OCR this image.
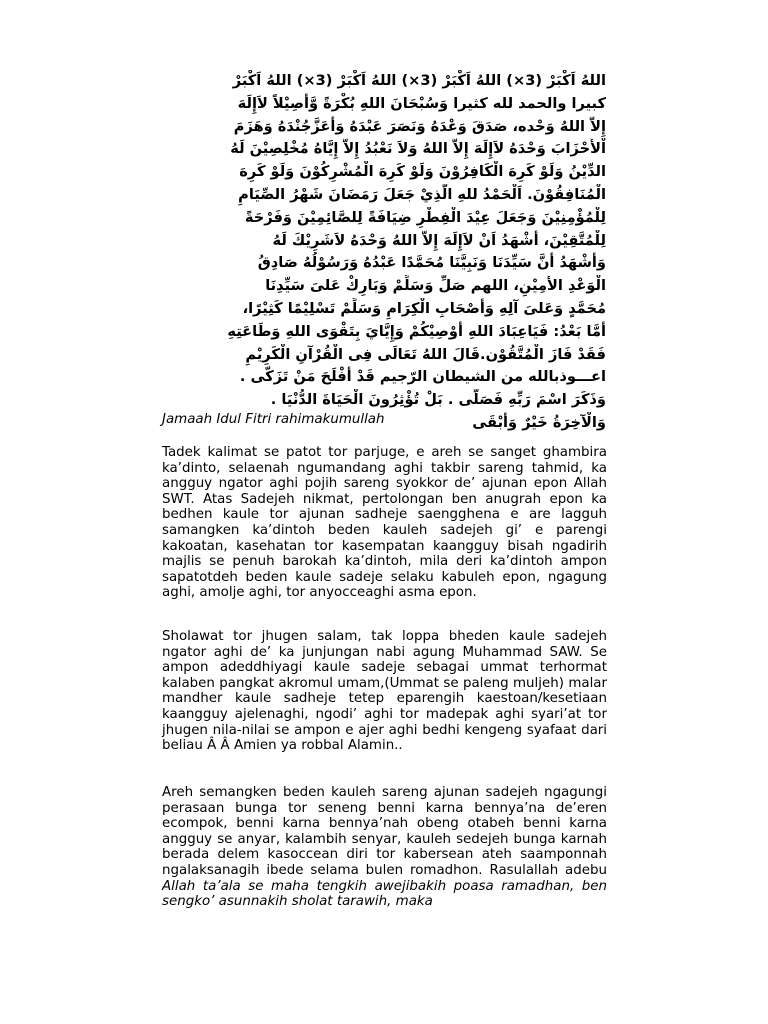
اللهُ اَكْبَرْ (3×) اللهُ اَكْبَرْ (3×) اللهُ اَكْبَرْ (3×) اللهُ اَكْبَرْ
كبيرا والحمد لله كثيرا وَسُبْحَانَ اللهِ بُكْرَةً وَّأَصِيْلاً لاَإِلَهَ
إِلاَّ اللهُ وَحْده، صَدَقَ وَعْدَهُ وَنَصَرَ عَبْدَهُ وَأَعَزَّجُنْدَهُ وَهَزَمَ
اْلأَحْزَابَ وَحْدَهُ لاَإِلَهَ إِلاَّ اللهُ وَلاَ نَعْبُدُ إِلاَّ إِيَّاهُ مُخْلِصِيْنَ لَهُ
الدِّيْنُ وَلَوْ كَرِهَ الْكَافِرُوْنَ وَلَوْ كَرِهَ الْمُشْرِكُوْنَ وَلَوْ كَرِهَ
الْمُنَافِقُوْنَ. اَلْحَمْدُ للهِ الَّذِيْ جَعَلَ رَمَضَانَ شَهْرُ الصِّيَامِ
لِلْمُؤْمِنِيْنَ وَجَعَلَ عِيْدَ الْفِطْرِ ضِيَافَةً لِلصَّائِمِيْنَ وَفَرْحَةً
لِلْمُتَّقِيْنَ، أَشْهَدُ اَنْ لاَإِلَهَ إِلاَّ اللهُ وَحْدَهُ لاَشَرِيْكَ لَهُ
وَأَشْهَدُ أَنَّ سَيِّدَنَا وَنَبِيَّنَا مُحَمَّدًا عَبْدُهُ وَرَسُوْلُهُ صَادِقُ
الْوَعْدِ الأَمِيْنِ، اللهم صَلِّ وَسَلِّمْ وَبَارِكْ عَلىَ سَيِّدِنَا
مُحَمَّدٍ وَعَلىَ آلِهِ وَأَصْحَابِ الْكِرَامِ وَسَلِّمْ تَسْلِيْمًا كَثِيْرًا،
أَمَّا بَعْدُ: فَيَاعِبَادَ اللهِ أُوْصِيْكُمْ وَإِيَّايَ بِتَقْوَى اللهِ وَطَاعَتِهِ
فَقَدْ فَازَ الْمُتَّقُوْن.قَالَ اللهُ تَعَالَى فِى الْقُرْآنِ الْكَرِيْمِ
اعـــوذبالله من الشيطان الرّجيم قَدْ أَفْلَحَ مَنْ تَزَكَّى .
وَذَكَرَ اسْمَ رَبِّهِ فَصَلَّى . بَلْ تُؤْثِرُونَ الْحَيَاةَ الدُّنْيَا .
وَالْآخِرَةُ خَيْرٌ وَأَبْقَى

Jamaah Idul Fitri rahimakumullah

Tadek kalimat se patot tor parjuge, e areh se sanget ghambira ka’dinto, selaenah ngumandang aghi takbir sareng tahmid, ka angguy ngator aghi pojih sareng syokkor de’ ajunan epon Allah SWT. Atas Sadejeh nikmat, pertolongan ben anugrah epon ka bedhen kaule tor ajunan sadheje saengghena e are lagguh samangken ka’dintoh beden kauleh sadejeh gi’ e parengi kakoatan, kasehatan tor kasempatan kaangguy bisah ngadirih majlis se penuh barokah ka’dintoh, mila deri ka’dintoh ampon sapatotdeh beden kaule sadeje selaku kabuleh epon, ngagung aghi, amolje aghi, tor anyocceaghi asma epon.

Sholawat tor jhugen salam, tak loppa bheden kaule sadejeh ngator aghi de’ ka junjungan nabi agung Muhammad SAW. Se ampon adeddhiyagi kaule sadeje sebagai ummat terhormat kalaben pangkat akromul umam,(Ummat se paleng muljeh) malar mandher kaule sadheje tetep eparengih kaestoan/kesetiaan kaangguy ajelenaghi, ngodi’ aghi tor madepak aghi syari’at tor jhugen nila-nilai se ampon e ajer aghi bedhi kengeng syafaat dari beliau Â Â Amien ya robbal Alamin..

Areh semangken beden kauleh sareng ajunan sadejeh ngagungi perasaan bunga tor seneng benni karna bennya’na de’eren ecompok, benni karna bennya’nah obeng otabeh benni karna angguy se anyar, kalambih senyar, kauleh sedejeh bunga karnah berada delem kasoccean diri tor kabersean ateh saamponnah ngalaksanagih ibede selama bulen romadhon. Rasulallah adebu Allah ta’ala se maha tengkih awejibakih poasa ramadhan, ben sengko’ asunnakih sholat tarawih, maka
